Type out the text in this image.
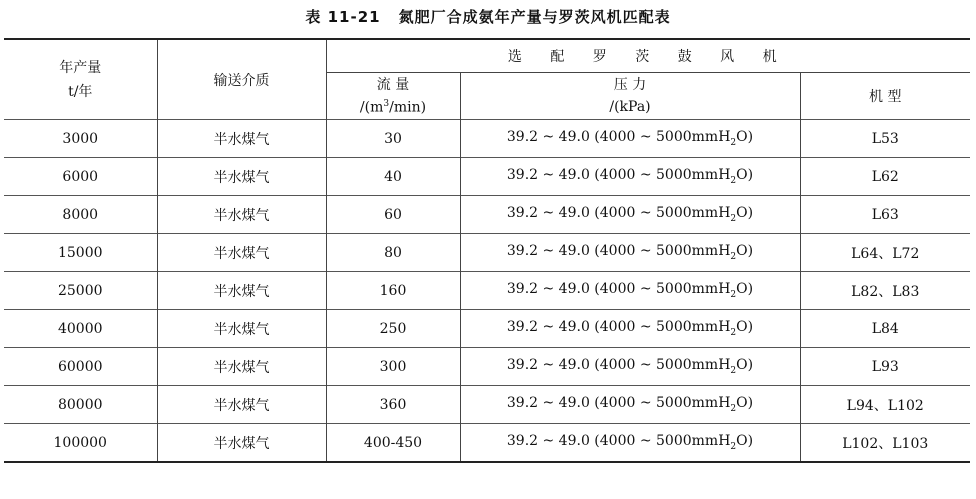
表 11-21 氮肥厂合成氨年产量与罗茨风机匹配表
年产量
t/年	输送介质	选 配 罗 茨 鼓 风 机		
		流 量	压 力	机 型
		$/(m^3/\min)$	/(kPa)	
3000	半水煤气	30	39.2 ~ 49.0 (4000 ~ 5000mmH$_2$O)	L53
6000	半水煤气	40	39.2 ~ 49.0 (4000 ~ 5000mmH$_2$O)	L62
8000	半水煤气	60	39.2 ~ 49.0 (4000 ~ 5000mmH$_2$O)	L63
15000	半水煤气	80	39.2 ~ 49.0 (4000 ~ 5000mmH$_2$O)	L64、L72
25000	半水煤气	160	39.2 ~ 49.0 (4000 ~ 5000mmH$_2$O)	L82、L83
40000	半水煤气	250	39.2 ~ 49.0 (4000 ~ 5000mmH$_2$O)	L84
60000	半水煤气	300	39.2 ~ 49.0 (4000 ~ 5000mmH$_2$O)	L93
80000	半水煤气	360	39.2 ~ 49.0 (4000 ~ 5000mmH$_2$O)	L94、L102
100000	半水煤气	400-450	39.2 ~ 49.0 (4000 ~ 5000mmH$_2$O)	L102、L103
